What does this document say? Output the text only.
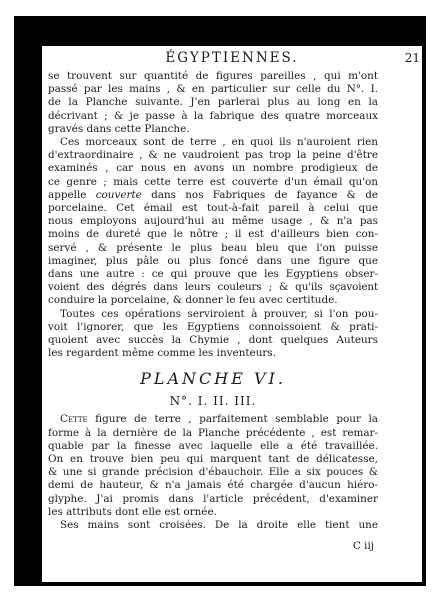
ÉGYPTIENNES.	21
se trouvent sur quantité de figures pareilles , qui m'ont
passé par les mains , & en particulier sur celle du N°. I.
de la Planche suivante. J'en parlerai plus au long en la
décrivant ; & je passe à la fabrique des quatre morceaux
gravés dans cette Planche.
Ces morceaux sont de terre , en quoi ils n'auroient rien
d'extraordinaire , & ne vaudroient pas trop la peine d'être
examinés , car nous en avons un nombre prodigieux de
ce genre ; mais cette terre est couverte d'un émail qu'on
appelle couverte dans nos Fabriques de fayance & de
porcelaine. Cet émail est tout-à-fait pareil à celui que
nous employons aujourd'hui au même usage , & n'a pas
moins de dureté que le nôtre ; il est d'ailleurs bien con-
servé , & présente le plus beau bleu que l'on puisse
imaginer, plus pâle ou plus foncé dans une figure que
dans une autre : ce qui prouve que les Egyptiens obser-
voient des dégrés dans leurs couleurs ; & qu'ils sçavoient
conduire la porcelaine, & donner le feu avec certitude.
Toutes ces opérations serviroient à prouver, si l'on pou-
voit l'ignorer, que les Egyptiens connoissoient & prati-
quoient avec succès la Chymie , dont quelques Auteurs
les regardent même comme les inventeurs.
PLANCHE VI.
N°. I. II. III.
Cette figure de terre , parfaitement semblable pour la
forme à la dernière de la Planche précédente , est remar-
quable par la finesse avec laquelle elle a été travaillée.
On en trouve bien peu qui marquent tant de délicatesse,
& une si grande précision d'ébauchoir. Elle a six pouces &
demi de hauteur, & n'a jamais été chargée d'aucun hiéro-
glyphe. J'ai promis dans l'article précédent, d'examiner
les attributs dont elle est ornée.
Ses mains sont croisées. De la droite elle tient une
C iij
